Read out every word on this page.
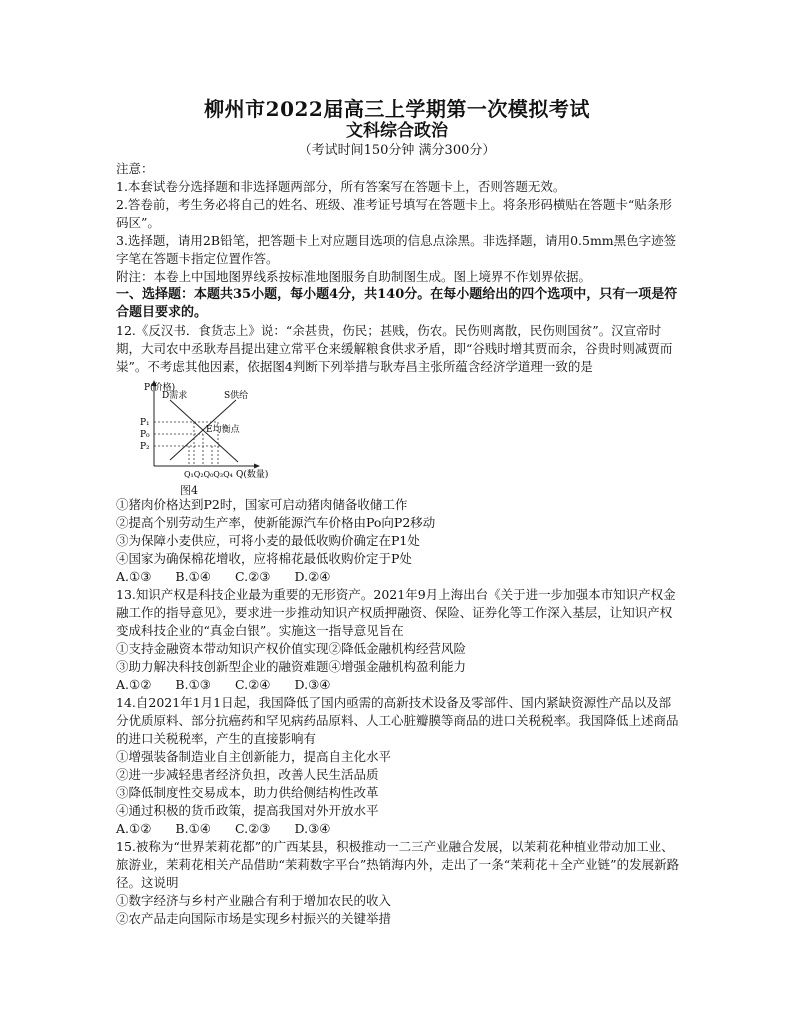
柳州市2022届高三上学期第一次模拟考试
文科综合政治
（考试时间150分钟 满分300分）

注意：

1.本套试卷分选择题和非选择题两部分，所有答案写在答题卡上，否则答题无效。

2.答卷前，考生务必将自己的姓名、班级、准考证号填写在答题卡上。将条形码横贴在答题卡“贴条形码区”。

3.选择题，请用2B铅笔，把答题卡上对应题目选项的信息点涂黑。非选择题，请用0.5mm黑色字迹签字笔在答题卡指定位置作答。

附注：本卷上中国地图界线系按标准地图服务自助制图生成。图上境界不作划界依据。

一、选择题：本题共35小题，每小题4分，共140分。在每小题给出的四个选项中，只有一项是符合题目要求的。

12.《反汉书．食货志上》说：“余甚贵，伤民；甚贱，伤农。民伤则离散，民伤则国贫”。汉宣帝时期，大司农中丞耿寿昌提出建立常平仓来缓解粮食供求矛盾，即“谷贱时增其贾而余，谷贵时则减贾而粜”。不考虑其他因素，依据图4判断下列举措与耿寿昌主张所蕴含经济学道理一致的是

P(价格)
D需求	S供给
E均衡点
P₁
P₀
P₂
Q₁Q₂Q₀Q₃Q₄ Q(数量)
图4

①猪肉价格达到P2时，国家可启动猪肉储备收储工作

②提高个别劳动生产率，使新能源汽车价格由Po向P2移动

③为保障小麦供应，可将小麦的最低收购价确定在P1处

④国家为确保棉花增收，应将棉花最低收购价定于P处

A.①③ B.①④ C.②③ D.②④

13.知识产权是科技企业最为重要的无形资产。2021年9月上海出台《关于进一步加强本市知识产权金融工作的指导意见》，要求进一步推动知识产权质押融资、保险、证券化等工作深入基层，让知识产权变成科技企业的“真金白银”。实施这一指导意见旨在

①支持金融资本带动知识产权价值实现②降低金融机构经营风险

③助力解决科技创新型企业的融资难题④增强金融机构盈利能力

A.①② B.①③ C.②④ D.③④

14.自2021年1月1日起，我国降低了国内亟需的高新技术设备及零部件、国内紧缺资源性产品以及部分优质原料、部分抗癌药和罕见病药品原料、人工心脏瓣膜等商品的进口关税税率。我国降低上述商品的进口关税税率，产生的直接影响有

①增强装备制造业自主创新能力，提高自主化水平

②进一步减轻患者经济负担，改善人民生活品质

③降低制度性交易成本，助力供给侧结构性改革

④通过积极的货币政策，提高我国对外开放水平

A.①② B.①④ C.②③ D.③④

15.被称为“世界茉莉花都”的广西某县，积极推动一二三产业融合发展，以茉莉花种植业带动加工业、旅游业，茉莉花相关产品借助“茉莉数字平台”热销海内外，走出了一条“茉莉花＋全产业链”的发展新路径。这说明

①数字经济与乡村产业融合有利于增加农民的收入

②农产品走向国际市场是实现乡村振兴的关键举措
